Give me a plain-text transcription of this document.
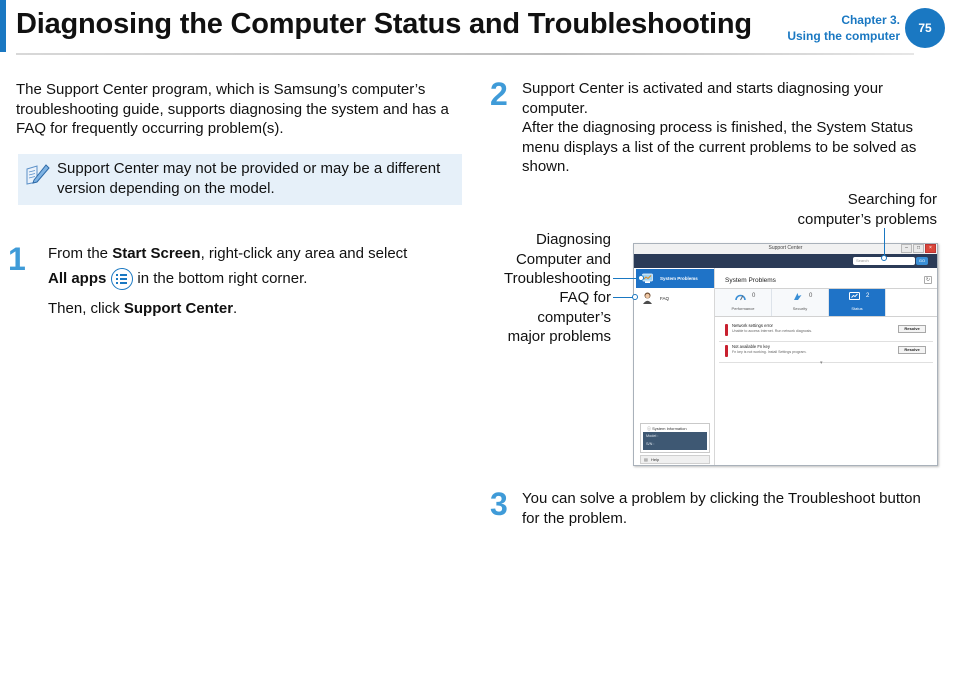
Diagnosing the Computer Status and Troubleshooting	Chapter 3.
Using the computer
75
The Support Center program, which is Samsung’s computer’s troubleshooting guide, supports diagnosing the system and has a FAQ for frequently occurring problem(s).
Support Center may not be provided or may be a different version depending on the model.
1 From the Start Screen, right-click any area and select
All apps in the bottom right corner.
Then, click Support Center.
2 Support Center is activated and starts diagnosing your computer.
After the diagnosing process is finished, the System Status menu displays a list of the current problems to be solved as shown.
Searching for
computer’s problems
Diagnosing
Computer and
Troubleshooting
FAQ for
computer’s
major problems
Support Center	–	□	×
Search	GO
System Problems
FAQ
ⓘ System Information
Model :
S/N :
▤ Help
System Problems	↻
0
Performance
0
Security
2
Status
Network settings error
Unable to access Internet. Run network diagnosis.	Resolve
Not available Fn key
Fn key is not working. Install Settings program.	Resolve
▾
3 You can solve a problem by clicking the Troubleshoot button for the problem.
